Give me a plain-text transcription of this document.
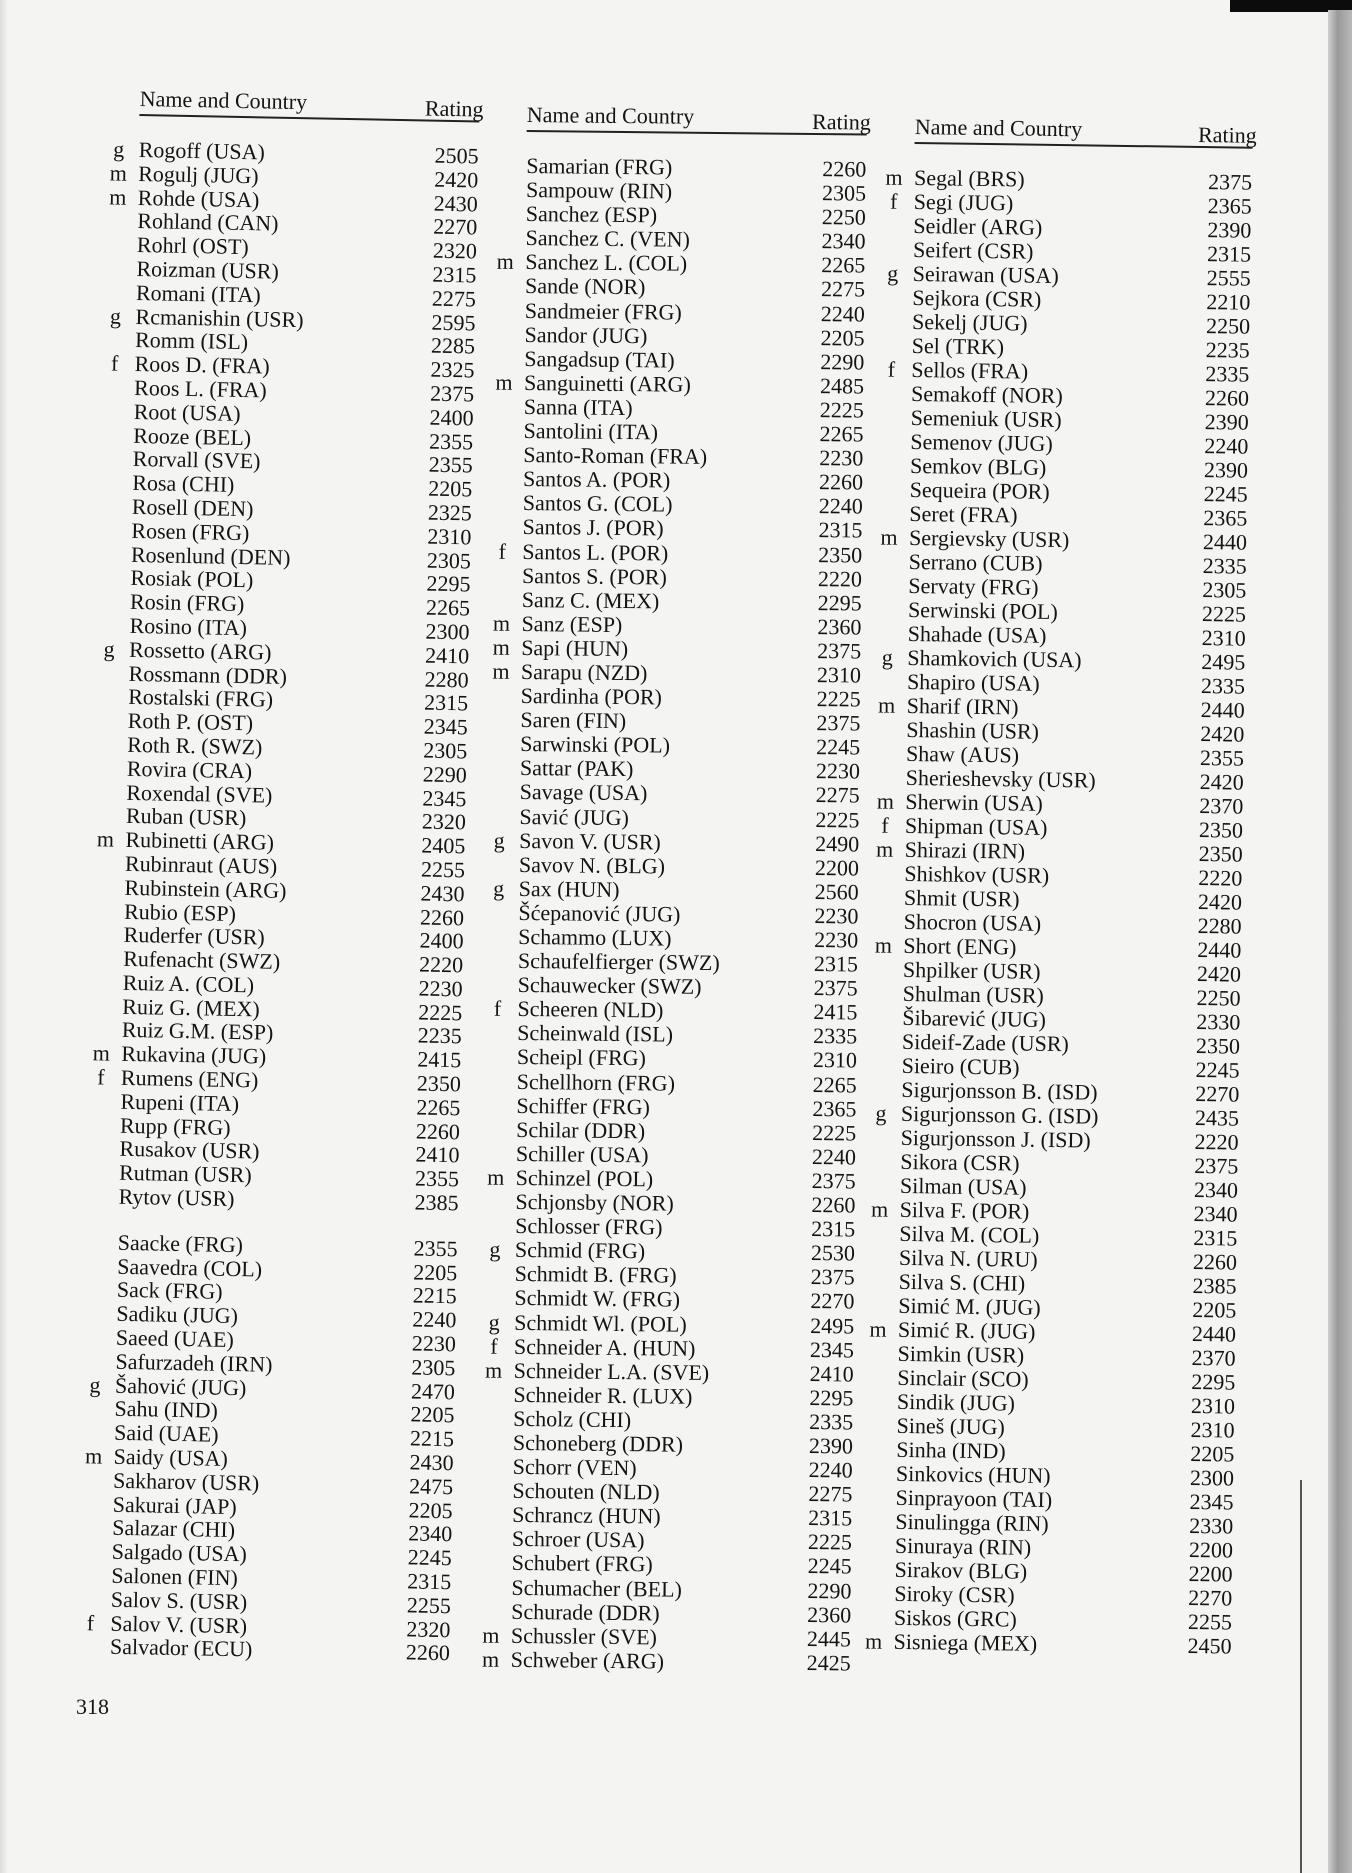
Name and Country	Rating
g Rogoff (USA)	2505
m Rogulj (JUG)	2420
m Rohde (USA)	2430
Rohland (CAN)	2270
Rohrl (OST)	2320
Roizman (USR)	2315
Romani (ITA)	2275
g Rcmanishin (USR)	2595
Romm (ISL)	2285
f Roos D. (FRA)	2325
Roos L. (FRA)	2375
Root (USA)	2400
Rooze (BEL)	2355
Rorvall (SVE)	2355
Rosa (CHI)	2205
Rosell (DEN)	2325
Rosen (FRG)	2310
Rosenlund (DEN)	2305
Rosiak (POL)	2295
Rosin (FRG)	2265
Rosino (ITA)	2300
g Rossetto (ARG)	2410
Rossmann (DDR)	2280
Rostalski (FRG)	2315
Roth P. (OST)	2345
Roth R. (SWZ)	2305
Rovira (CRA)	2290
Roxendal (SVE)	2345
Ruban (USR)	2320
m Rubinetti (ARG)	2405
Rubinraut (AUS)	2255
Rubinstein (ARG)	2430
Rubio (ESP)	2260
Ruderfer (USR)	2400
Rufenacht (SWZ)	2220
Ruiz A. (COL)	2230
Ruiz G. (MEX)	2225
Ruiz G.M. (ESP)	2235
m Rukavina (JUG)	2415
f Rumens (ENG)	2350
Rupeni (ITA)	2265
Rupp (FRG)	2260
Rusakov (USR)	2410
Rutman (USR)	2355
Rytov (USR)	2385
Saacke (FRG)	2355
Saavedra (COL)	2205
Sack (FRG)	2215
Sadiku (JUG)	2240
Saeed (UAE)	2230
Safurzadeh (IRN)	2305
g Šahović (JUG)	2470
Sahu (IND)	2205
Said (UAE)	2215
m Saidy (USA)	2430
Sakharov (USR)	2475
Sakurai (JAP)	2205
Salazar (CHI)	2340
Salgado (USA)	2245
Salonen (FIN)	2315
Salov S. (USR)	2255
f Salov V. (USR)	2320
Salvador (ECU)	2260
Name and Country	Rating
Samarian (FRG)	2260
Sampouw (RIN)	2305
Sanchez (ESP)	2250
Sanchez C. (VEN)	2340
m Sanchez L. (COL)	2265
Sande (NOR)	2275
Sandmeier (FRG)	2240
Sandor (JUG)	2205
Sangadsup (TAI)	2290
m Sanguinetti (ARG)	2485
Sanna (ITA)	2225
Santolini (ITA)	2265
Santo-Roman (FRA)	2230
Santos A. (POR)	2260
Santos G. (COL)	2240
Santos J. (POR)	2315
f Santos L. (POR)	2350
Santos S. (POR)	2220
Sanz C. (MEX)	2295
m Sanz (ESP)	2360
m Sapi (HUN)	2375
m Sarapu (NZD)	2310
Sardinha (POR)	2225
Saren (FIN)	2375
Sarwinski (POL)	2245
Sattar (PAK)	2230
Savage (USA)	2275
Savić (JUG)	2225
g Savon V. (USR)	2490
Savov N. (BLG)	2200
g Sax (HUN)	2560
Šćepanović (JUG)	2230
Schammo (LUX)	2230
Schaufelfierger (SWZ)	2315
Schauwecker (SWZ)	2375
f Scheeren (NLD)	2415
Scheinwald (ISL)	2335
Scheipl (FRG)	2310
Schellhorn (FRG)	2265
Schiffer (FRG)	2365
Schilar (DDR)	2225
Schiller (USA)	2240
m Schinzel (POL)	2375
Schjonsby (NOR)	2260
Schlosser (FRG)	2315
g Schmid (FRG)	2530
Schmidt B. (FRG)	2375
Schmidt W. (FRG)	2270
g Schmidt Wl. (POL)	2495
f Schneider A. (HUN)	2345
m Schneider L.A. (SVE)	2410
Schneider R. (LUX)	2295
Scholz (CHI)	2335
Schoneberg (DDR)	2390
Schorr (VEN)	2240
Schouten (NLD)	2275
Schrancz (HUN)	2315
Schroer (USA)	2225
Schubert (FRG)	2245
Schumacher (BEL)	2290
Schurade (DDR)	2360
m Schussler (SVE)	2445
m Schweber (ARG)	2425
Name and Country	Rating
m Segal (BRS)	2375
f Segi (JUG)	2365
Seidler (ARG)	2390
Seifert (CSR)	2315
g Seirawan (USA)	2555
Sejkora (CSR)	2210
Sekelj (JUG)	2250
Sel (TRK)	2235
f Sellos (FRA)	2335
Semakoff (NOR)	2260
Semeniuk (USR)	2390
Semenov (JUG)	2240
Semkov (BLG)	2390
Sequeira (POR)	2245
Seret (FRA)	2365
m Sergievsky (USR)	2440
Serrano (CUB)	2335
Servaty (FRG)	2305
Serwinski (POL)	2225
Shahade (USA)	2310
g Shamkovich (USA)	2495
Shapiro (USA)	2335
m Sharif (IRN)	2440
Shashin (USR)	2420
Shaw (AUS)	2355
Sherieshevsky (USR)	2420
m Sherwin (USA)	2370
f Shipman (USA)	2350
m Shirazi (IRN)	2350
Shishkov (USR)	2220
Shmit (USR)	2420
Shocron (USA)	2280
m Short (ENG)	2440
Shpilker (USR)	2420
Shulman (USR)	2250
Šibarević (JUG)	2330
Sideif-Zade (USR)	2350
Sieiro (CUB)	2245
Sigurjonsson B. (ISD)	2270
g Sigurjonsson G. (ISD)	2435
Sigurjonsson J. (ISD)	2220
Sikora (CSR)	2375
Silman (USA)	2340
m Silva F. (POR)	2340
Silva M. (COL)	2315
Silva N. (URU)	2260
Silva S. (CHI)	2385
Simić M. (JUG)	2205
m Simić R. (JUG)	2440
Simkin (USR)	2370
Sinclair (SCO)	2295
Sindik (JUG)	2310
Sineš (JUG)	2310
Sinha (IND)	2205
Sinkovics (HUN)	2300
Sinprayoon (TAI)	2345
Sinulingga (RIN)	2330
Sinuraya (RIN)	2200
Sirakov (BLG)	2200
Siroky (CSR)	2270
Siskos (GRC)	2255
m Sisniega (MEX)	2450
318
